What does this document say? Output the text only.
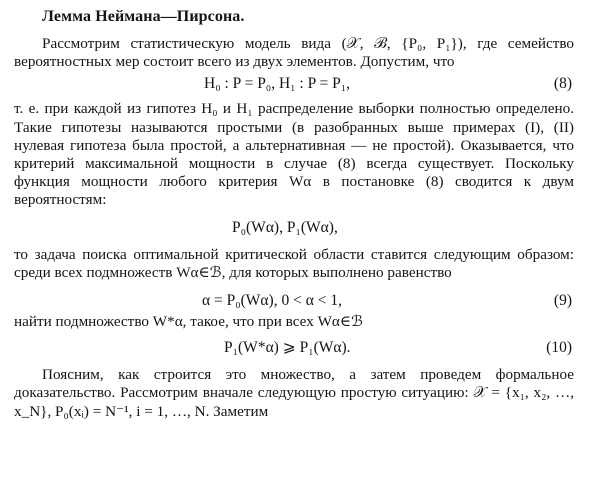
Лемма Неймана—Пирсона.

Рассмотрим статистическую модель вида (𝒳, ℬ, {P₀, P₁}), где семейство вероятностных мер состоит всего из двух элементов. Допустим, что

H₀ : P = P₀, H₁ : P = P₁,	(8)

т. е. при каждой из гипотез H₀ и H₁ распределение выборки полностью определено. Такие гипотезы называются простыми (в разобранных выше примерах (I), (II) нулевая гипотеза была простой, а альтернативная — не простой). Оказывается, что критерий максимальной мощности в случае (8) всегда существует. Поскольку функция мощности любого критерия Wα в постановке (8) сводится к двум вероятностям:

P₀(Wα), P₁(Wα),

то задача поиска оптимальной критической области ставится следующим образом: среди всех подмножеств Wα∈ℬ, для которых выполнено равенство

α = P₀(Wα), 0 < α < 1,	(9)

найти подмножество W*α, такое, что при всех Wα∈ℬ

P₁(W*α) ⩾ P₁(Wα).	(10)

Поясним, как строится это множество, а затем проведем формальное доказательство. Рассмотрим вначале следующую простую ситуацию: 𝒳 = {x₁, x₂, …, x_N}, P₀(xᵢ) = N⁻¹, i = 1, …, N. Заметим
